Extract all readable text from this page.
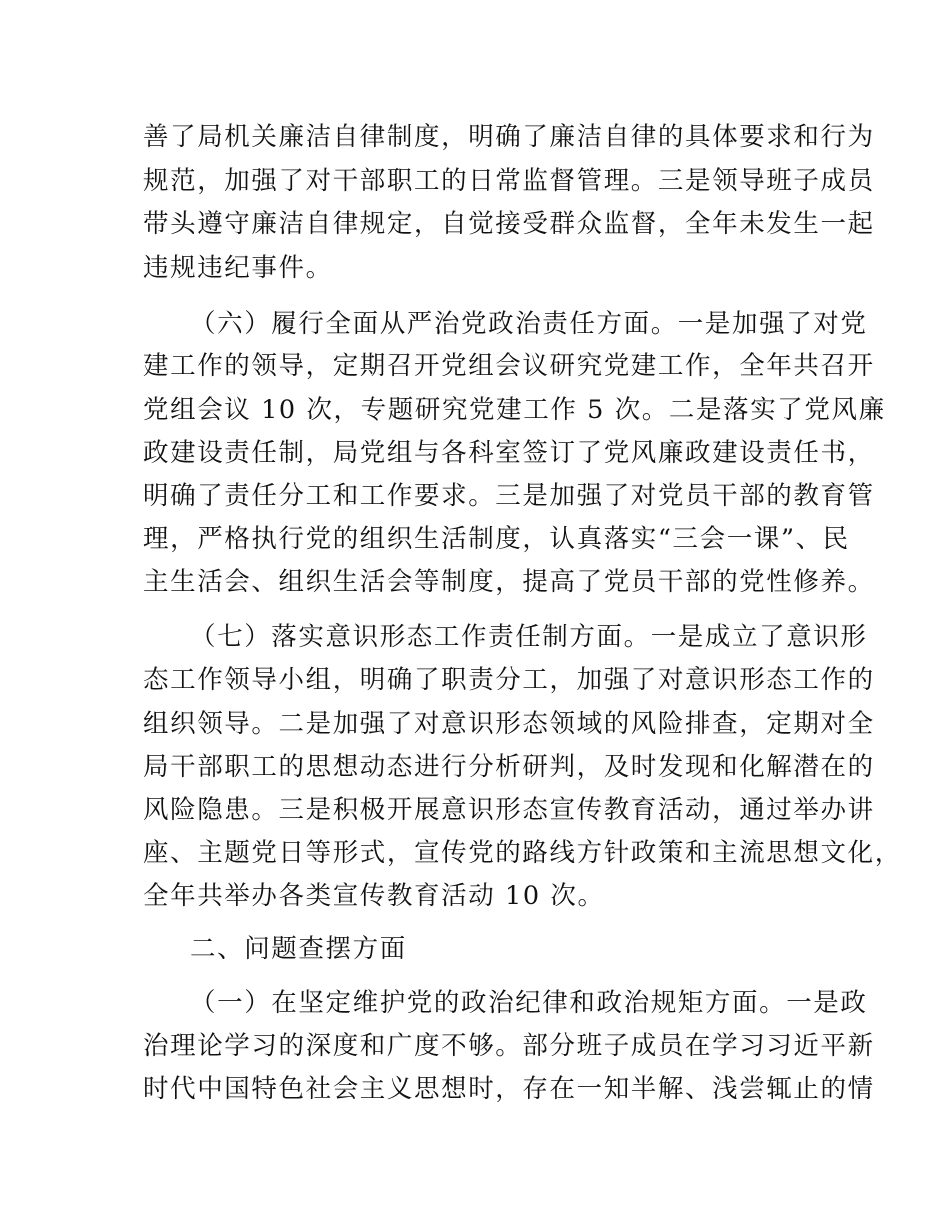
善了局机关廉洁自律制度，明确了廉洁自律的具体要求和行为
规范，加强了对干部职工的日常监督管理。三是领导班子成员
带头遵守廉洁自律规定，自觉接受群众监督，全年未发生一起
违规违纪事件。
（六）履行全面从严治党政治责任方面。一是加强了对党
建工作的领导，定期召开党组会议研究党建工作，全年共召开
党组会议 10 次，专题研究党建工作 5 次。二是落实了党风廉
政建设责任制，局党组与各科室签订了党风廉政建设责任书，
明确了责任分工和工作要求。三是加强了对党员干部的教育管
理，严格执行党的组织生活制度，认真落实“三会一课”、民
主生活会、组织生活会等制度，提高了党员干部的党性修养。
（七）落实意识形态工作责任制方面。一是成立了意识形
态工作领导小组，明确了职责分工，加强了对意识形态工作的
组织领导。二是加强了对意识形态领域的风险排查，定期对全
局干部职工的思想动态进行分析研判，及时发现和化解潜在的
风险隐患。三是积极开展意识形态宣传教育活动，通过举办讲
座、主题党日等形式，宣传党的路线方针政策和主流思想文化，
全年共举办各类宣传教育活动 10 次。
二、问题查摆方面
（一）在坚定维护党的政治纪律和政治规矩方面。一是政
治理论学习的深度和广度不够。部分班子成员在学习习近平新
时代中国特色社会主义思想时，存在一知半解、浅尝辄止的情
